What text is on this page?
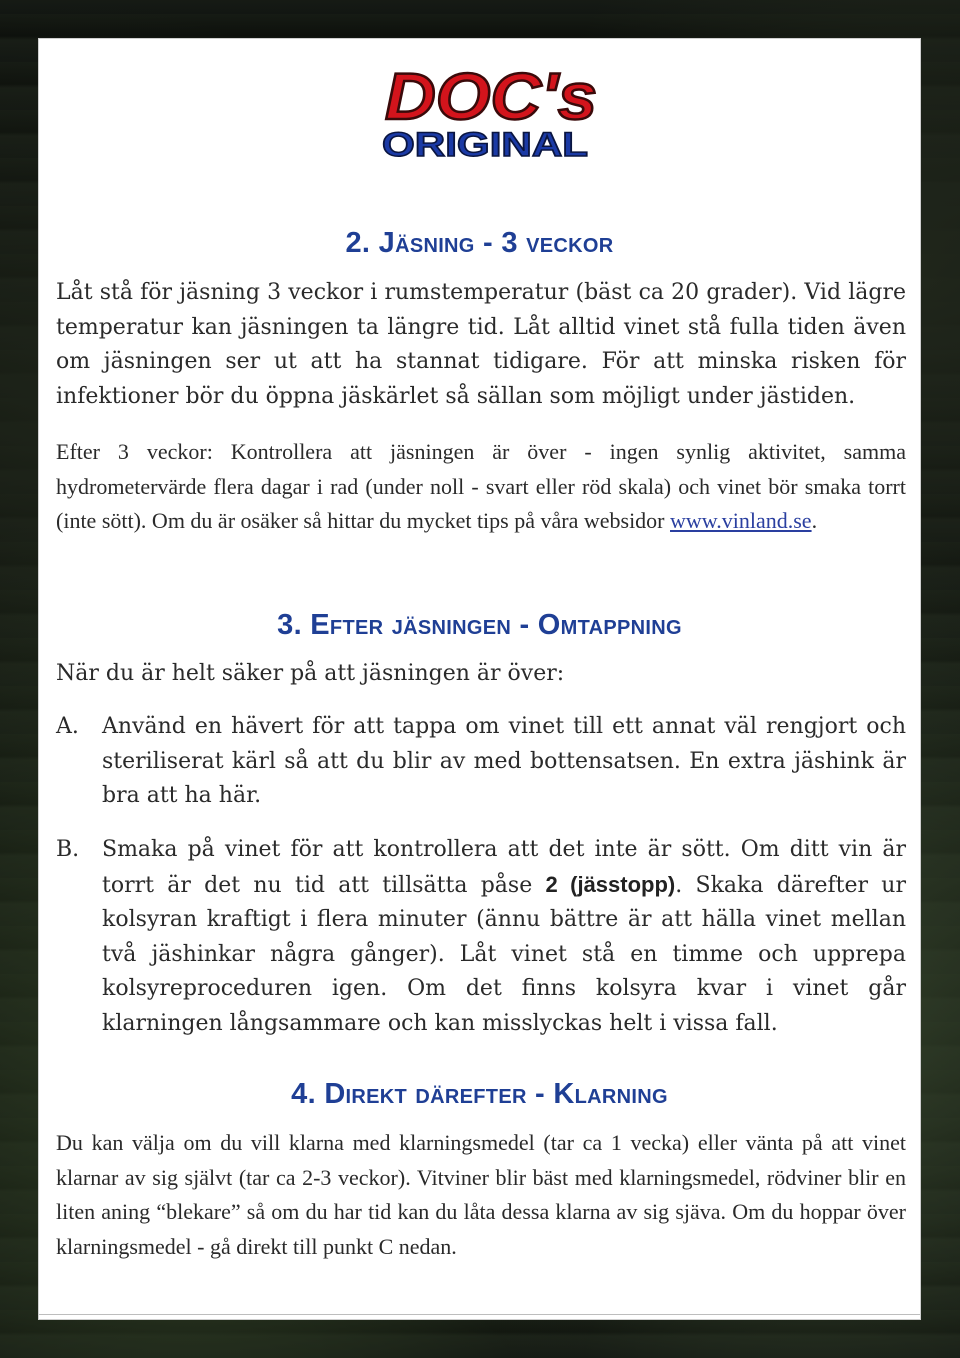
DOC's
ORIGINAL
2. Jäsning - 3 veckor

Låt stå för jäsning 3 veckor i rumstemperatur (bäst ca 20 grader). Vid lägre temperatur kan jäsningen ta längre tid. Låt alltid vinet stå fulla tiden även om jäsningen ser ut att ha stannat tidigare. För att minska risken för infektioner bör du öppna jäskärlet så sällan som möjligt under jästiden.

Efter 3 veckor: Kontrollera att jäsningen är över - ingen synlig aktivitet, samma hydrometervärde flera dagar i rad (under noll - svart eller röd skala) och vinet bör smaka torrt (inte sött). Om du är osäker så hittar du mycket tips på våra websidor www.vinland.se.

3. Efter jäsningen - Omtappning

När du är helt säker på att jäsningen är över:

A. Använd en hävert för att tappa om vinet till ett annat väl rengjort och steriliserat kärl så att du blir av med bottensatsen. En extra jäshink är bra att ha här.
B. Smaka på vinet för att kontrollera att det inte är sött. Om ditt vin är torrt är det nu tid att tillsätta påse 2 (jässtopp). Skaka därefter ur kolsyran kraftigt i flera minuter (ännu bättre är att hälla vinet mellan två jäshinkar några gånger). Låt vinet stå en timme och upprepa kolsyreproceduren igen. Om det finns kolsyra kvar i vinet går klarningen långsammare och kan misslyckas helt i vissa fall.
4. Direkt därefter - Klarning

Du kan välja om du vill klarna med klarningsmedel (tar ca 1 vecka) eller vänta på att vinet klarnar av sig självt (tar ca 2-3 veckor). Vitviner blir bäst med klarningsmedel, rödviner blir en liten aning “blekare” så om du har tid kan du låta dessa klarna av sig sjäva. Om du hoppar över klarningsmedel - gå direkt till punkt C nedan.
